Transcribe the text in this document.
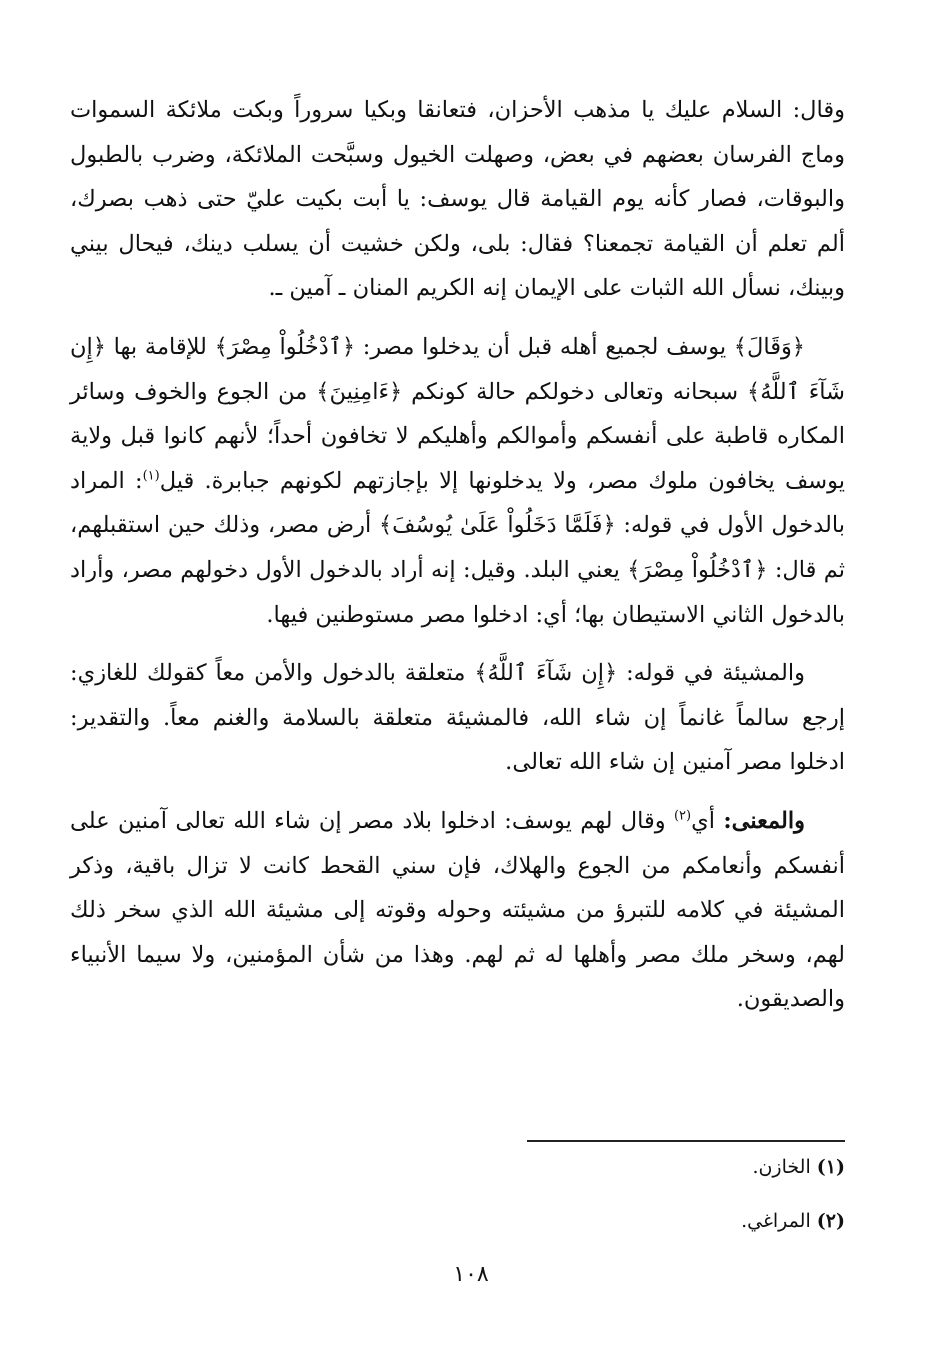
وقال: السلام عليك يا مذهب الأحزان، فتعانقا وبكيا سروراً وبكت ملائكة السموات وماج الفرسان بعضهم في بعض، وصهلت الخيول وسبَّحت الملائكة، وضرب بالطبول والبوقات، فصار كأنه يوم القيامة قال يوسف: يا أبت بكيت عليّ حتى ذهب بصرك، ألم تعلم أن القيامة تجمعنا؟ فقال: بلى، ولكن خشيت أن يسلب دينك، فيحال بيني وبينك، نسأل الله الثبات على الإيمان إنه الكريم المنان ـ آمين ـ.

﴿وَقَالَ﴾ يوسف لجميع أهله قبل أن يدخلوا مصر: ﴿ٱدْخُلُواْ مِصْرَ﴾ للإقامة بها ﴿إِن شَآءَ ٱللَّهُ﴾ سبحانه وتعالى دخولكم حالة كونكم ﴿ءَامِنِينَ﴾ من الجوع والخوف وسائر المكاره قاطبة على أنفسكم وأموالكم وأهليكم لا تخافون أحداً؛ لأنهم كانوا قبل ولاية يوسف يخافون ملوك مصر، ولا يدخلونها إلا بإجازتهم لكونهم جبابرة. قيل$^{(١)}$: المراد بالدخول الأول في قوله: ﴿فَلَمَّا دَخَلُواْ عَلَىٰ يُوسُفَ﴾ أرض مصر، وذلك حين استقبلهم، ثم قال: ﴿ٱدْخُلُواْ مِصْرَ﴾ يعني البلد. وقيل: إنه أراد بالدخول الأول دخولهم مصر، وأراد بالدخول الثاني الاستيطان بها؛ أي: ادخلوا مصر مستوطنين فيها.

والمشيئة في قوله: ﴿إِن شَآءَ ٱللَّهُ﴾ متعلقة بالدخول والأمن معاً كقولك للغازي: إرجع سالماً غانماً إن شاء الله، فالمشيئة متعلقة بالسلامة والغنم معاً. والتقدير: ادخلوا مصر آمنين إن شاء الله تعالى.

والمعنى: أي$^{(٢)}$ وقال لهم يوسف: ادخلوا بلاد مصر إن شاء الله تعالى آمنين على أنفسكم وأنعامكم من الجوع والهلاك، فإن سني القحط كانت لا تزال باقية، وذكر المشيئة في كلامه للتبرؤ من مشيئته وحوله وقوته إلى مشيئة الله الذي سخر ذلك لهم، وسخر ملك مصر وأهلها له ثم لهم. وهذا من شأن المؤمنين، ولا سيما الأنبياء والصديقون.

(١) الخازن.

(٢) المراغي.

١٠٨
